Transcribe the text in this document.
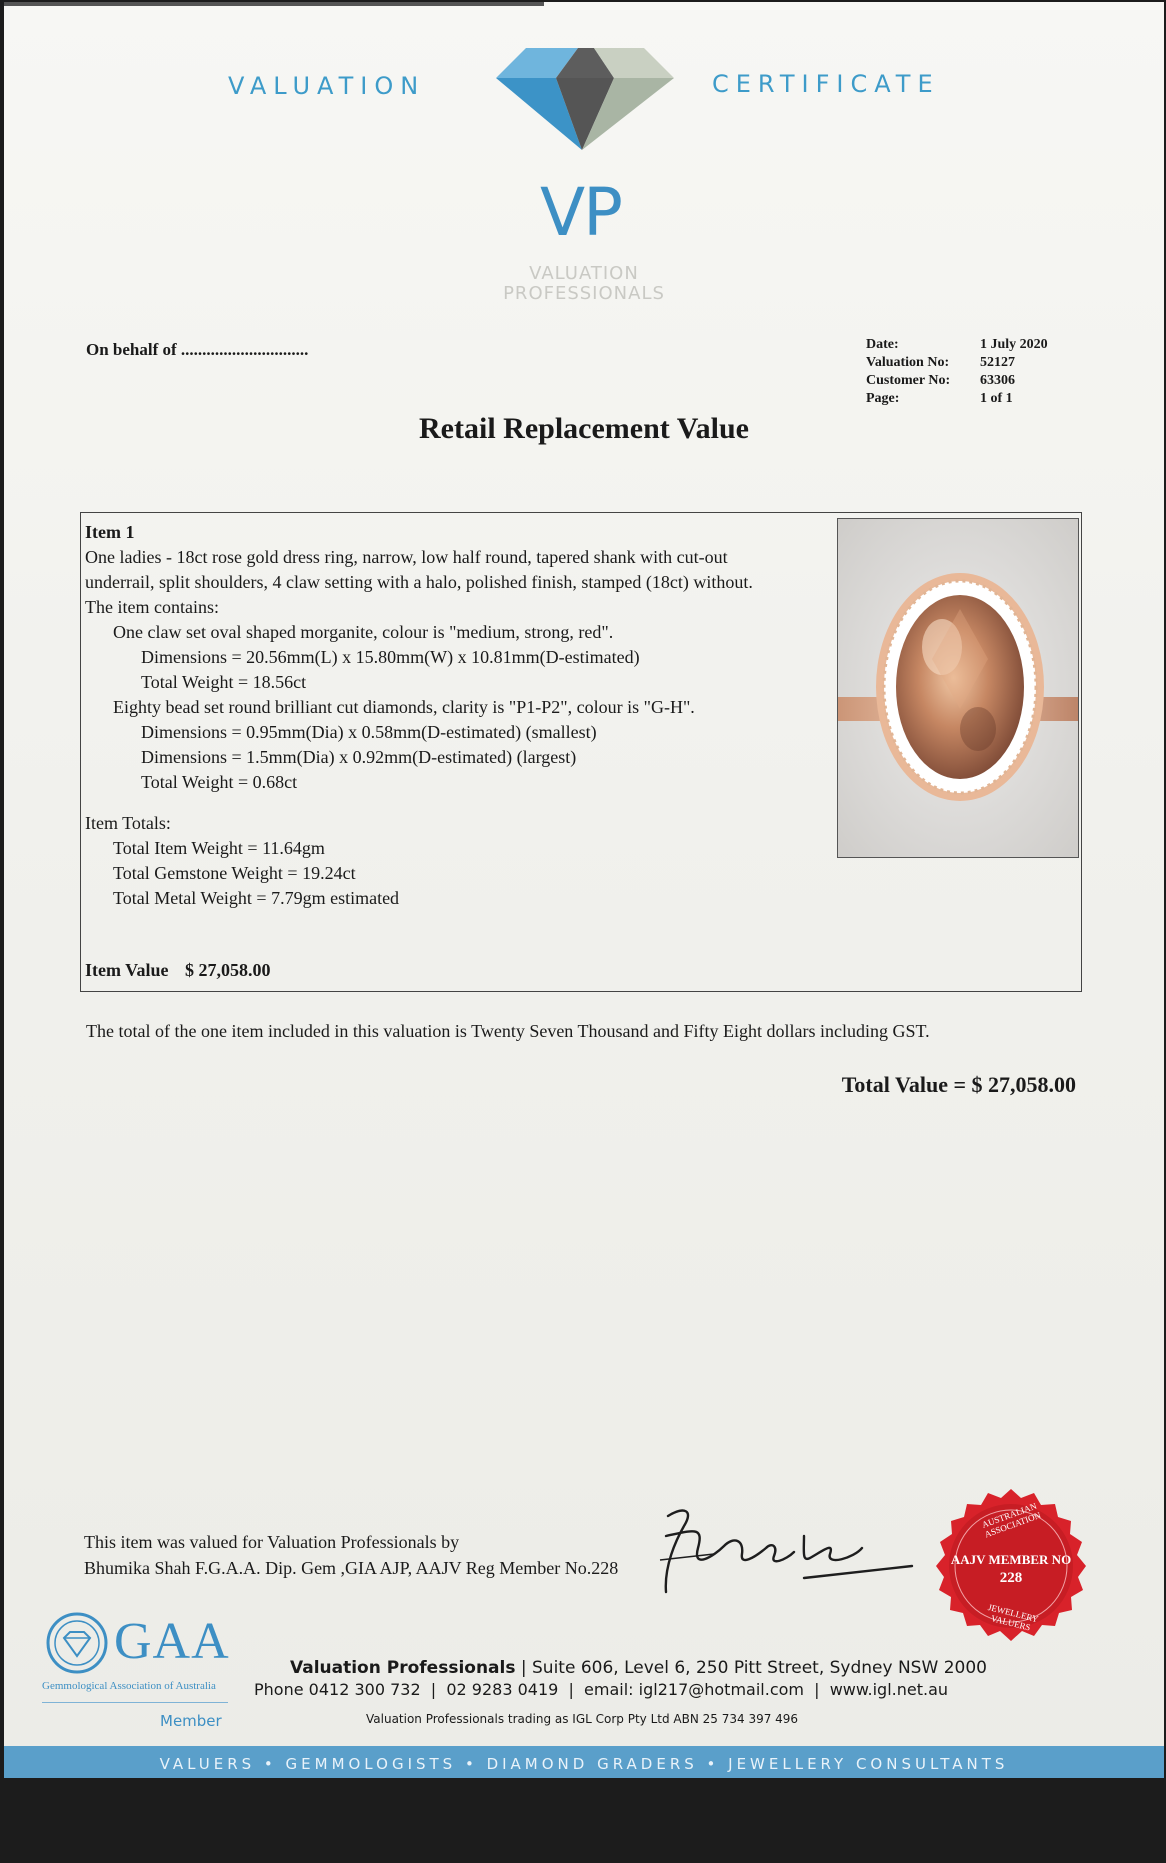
VALUATION	CERTIFICATE
VP
VALUATION
PROFESSIONALS
On behalf of ..............................	Date:	1 July 2020
Valuation No:	52127
Customer No:	63306
Page:	1 of 1
Retail Replacement Value
Item 1
One ladies - 18ct rose gold dress ring, narrow, low half round, tapered shank with cut-out
underrail, split shoulders, 4 claw setting with a halo, polished finish, stamped (18ct) without.
The item contains:
One claw set oval shaped morganite, colour is "medium, strong, red".
Dimensions = 20.56mm(L) x 15.80mm(W) x 10.81mm(D-estimated)
Total Weight = 18.56ct
Eighty bead set round brilliant cut diamonds, clarity is "P1-P2", colour is "G-H".
Dimensions = 0.95mm(Dia) x 0.58mm(D-estimated) (smallest)
Dimensions = 1.5mm(Dia) x 0.92mm(D-estimated) (largest)
Total Weight = 0.68ct
Item Totals:
Total Item Weight = 11.64gm
Total Gemstone Weight = 19.24ct
Total Metal Weight = 7.79gm estimated
Item Value $ 27,058.00
The total of the one item included in this valuation is Twenty Seven Thousand and Fifty Eight dollars including GST.
Total Value = $ 27,058.00
This item was valued for Valuation Professionals by
Bhumika Shah F.G.A.A. Dip. Gem ,GIA AJP, AAJV Reg Member No.228
AUSTRALIAN ASSOCIATION
AAJV MEMBER NO
228
JEWELLERY VALUERS
GAA
Gemmological Association of Australia
Member
Valuation Professionals | Suite 606, Level 6, 250 Pitt Street, Sydney NSW 2000
Phone 0412 300 732  |  02 9283 0419  |  email: igl217@hotmail.com  |  www.igl.net.au
Valuation Professionals trading as IGL Corp Pty Ltd ABN 25 734 397 496
VALUERS • GEMMOLOGISTS • DIAMOND GRADERS • JEWELLERY CONSULTANTS
